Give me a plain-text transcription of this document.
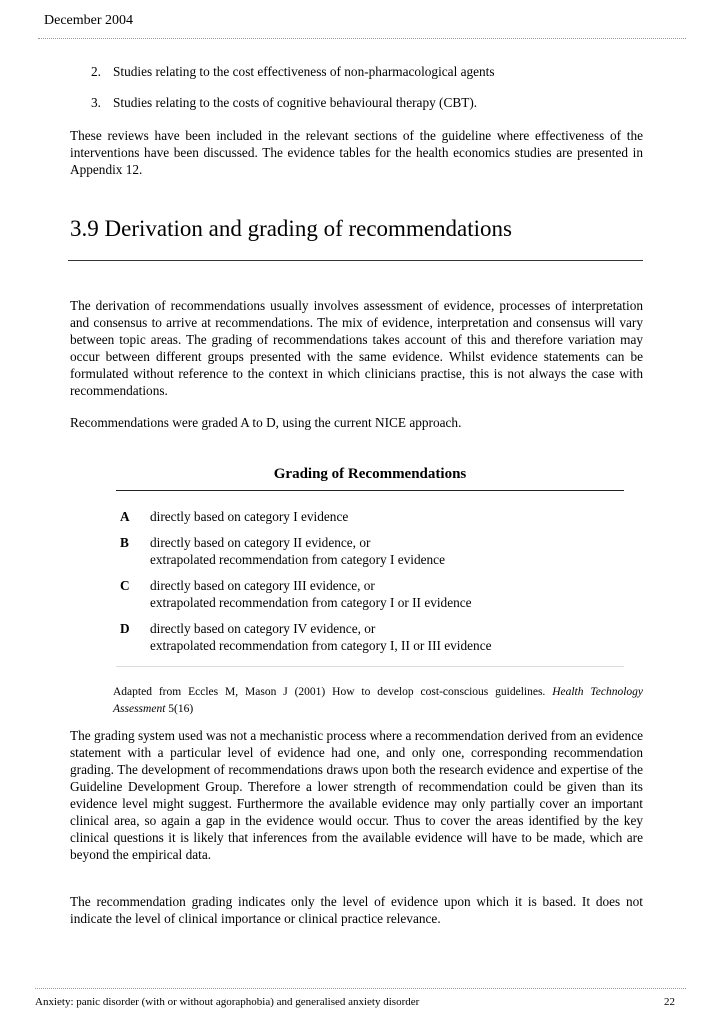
December 2004
2. Studies relating to the cost effectiveness of non-pharmacological agents
3. Studies relating to the costs of cognitive behavioural therapy (CBT).

These reviews have been included in the relevant sections of the guideline where effectiveness of the interventions have been discussed. The evidence tables for the health economics studies are presented in Appendix 12.

3.9 Derivation and grading of recommendations

The derivation of recommendations usually involves assessment of evidence, processes of interpretation and consensus to arrive at recommendations. The mix of evidence, interpretation and consensus will vary between topic areas. The grading of recommendations takes account of this and therefore variation may occur between different groups presented with the same evidence. Whilst evidence statements can be formulated without reference to the context in which clinicians practise, this is not always the case with recommendations.

Recommendations were graded A to D, using the current NICE approach.

Grading of Recommendations
A directly based on category I evidence
B directly based on category II evidence, or
extrapolated recommendation from category I evidence
C directly based on category III evidence, or
extrapolated recommendation from category I or II evidence
D directly based on category IV evidence, or
extrapolated recommendation from category I, II or III evidence

Adapted from Eccles M, Mason J (2001) How to develop cost-conscious guidelines. Health Technology Assessment 5(16)

The grading system used was not a mechanistic process where a recommendation derived from an evidence statement with a particular level of evidence had one, and only one, corresponding recommendation grading. The development of recommendations draws upon both the research evidence and expertise of the Guideline Development Group. Therefore a lower strength of recommendation could be given than its evidence level might suggest. Furthermore the available evidence may only partially cover an important clinical area, so again a gap in the evidence would occur. Thus to cover the areas identified by the key clinical questions it is likely that inferences from the available evidence will have to be made, which are beyond the empirical data.

The recommendation grading indicates only the level of evidence upon which it is based. It does not indicate the level of clinical importance or clinical practice relevance.

Anxiety: panic disorder (with or without agoraphobia) and generalised anxiety disorder	22
